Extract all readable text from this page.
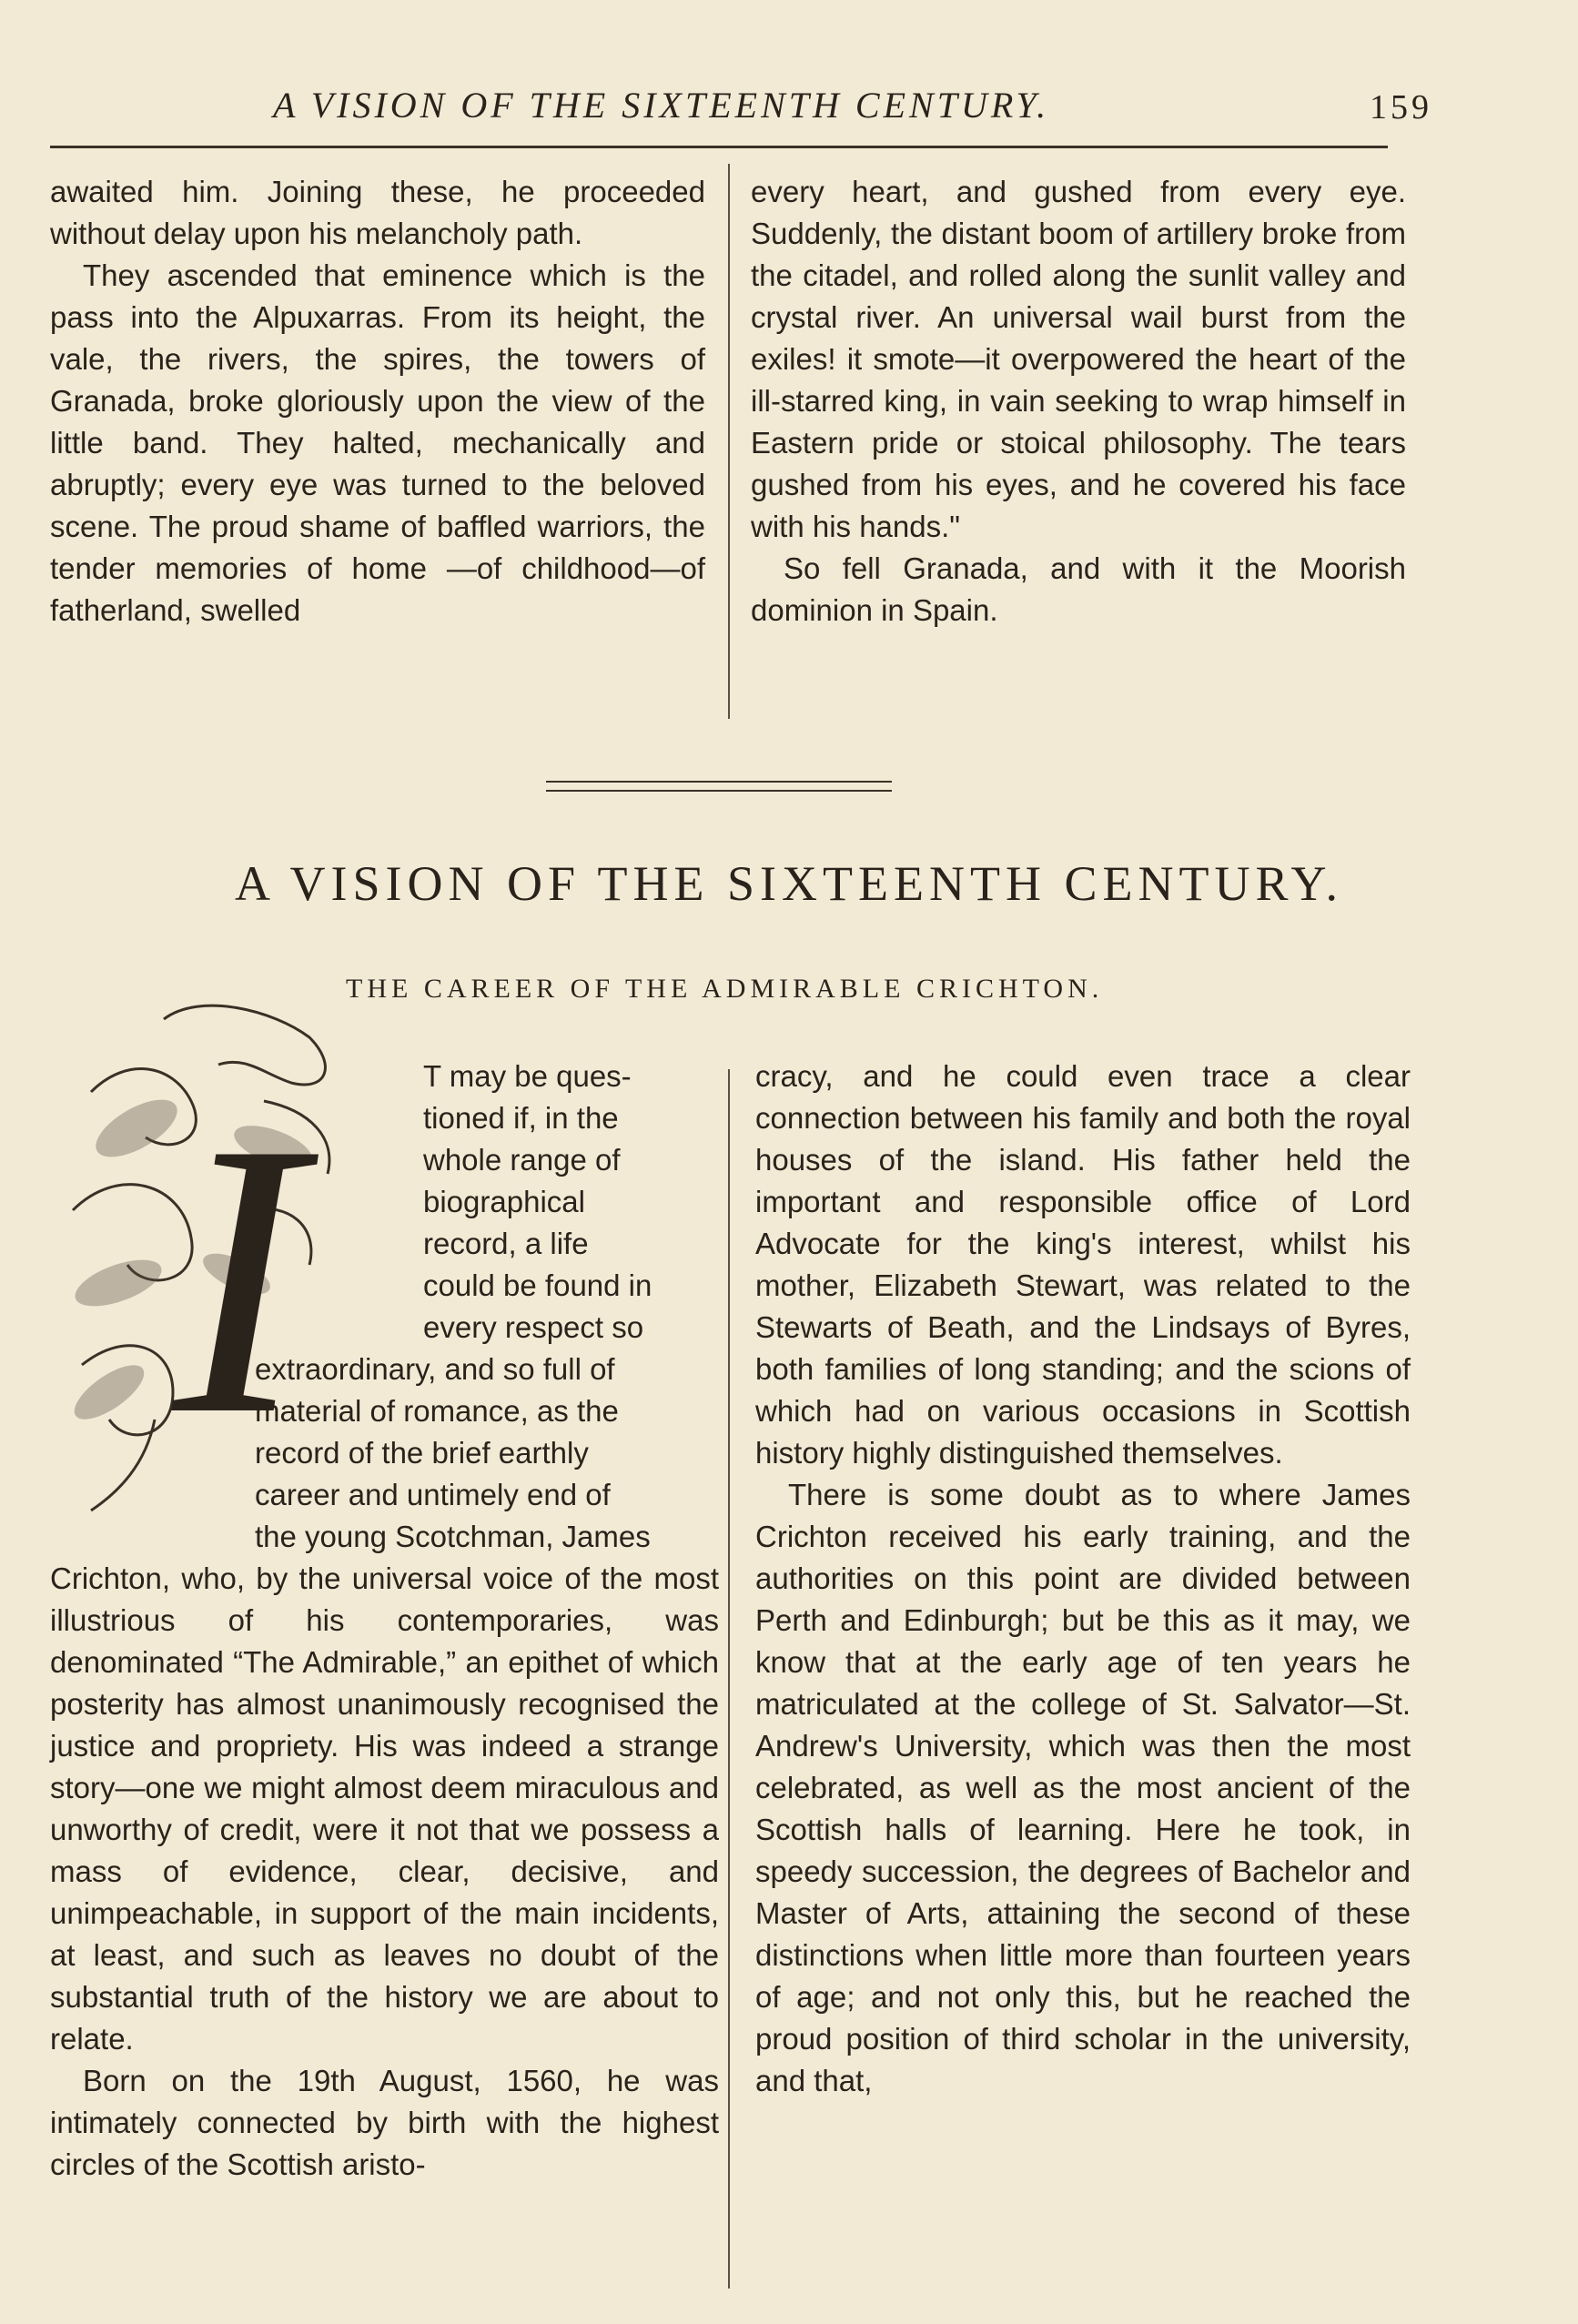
A VISION OF THE SIXTEENTH CENTURY.	159

awaited him. Joining these, he proceeded without delay upon his melancholy path.

They ascended that eminence which is the pass into the Alpuxarras. From its height, the vale, the rivers, the spires, the towers of Granada, broke gloriously upon the view of the little band. They halted, mechanically and abruptly; every eye was turned to the beloved scene. The proud shame of baffled warriors, the tender memories of home —of childhood—of fatherland, swelled

every heart, and gushed from every eye. Suddenly, the distant boom of artillery broke from the citadel, and rolled along the sunlit valley and crystal river. An universal wail burst from the exiles! it smote—it overpowered the heart of the ill-starred king, in vain seeking to wrap himself in Eastern pride or stoical philosophy. The tears gushed from his eyes, and he covered his face with his hands."

So fell Granada, and with it the Moorish dominion in Spain.

A VISION OF THE SIXTEENTH CENTURY.
THE CAREER OF THE ADMIRABLE CRICHTON.
I	T may be ques-
tioned if, in the
whole range of
biographical
record, a life
could be found in
every respect so
extraordinary, and so full of
material of romance, as the
record of the brief earthly
career and untimely end of
the young Scotchman, James
Crichton, who, by the universal voice of the most illustrious of his contemporaries, was denominated “The Admirable,” an epithet of which posterity has almost unanimously recognised the justice and propriety. His was indeed a strange story—one we might almost deem miraculous and unworthy of credit, were it not that we possess a mass of evidence, clear, decisive, and unimpeachable, in support of the main incidents, at least, and such as leaves no doubt of the substantial truth of the history we are about to relate.

Born on the 19th August, 1560, he was intimately connected by birth with the highest circles of the Scottish aristo-

cracy, and he could even trace a clear connection between his family and both the royal houses of the island. His father held the important and responsible office of Lord Advocate for the king's interest, whilst his mother, Elizabeth Stewart, was related to the Stewarts of Beath, and the Lindsays of Byres, both families of long standing; and the scions of which had on various occasions in Scottish history highly distinguished themselves.

There is some doubt as to where James Crichton received his early training, and the authorities on this point are divided between Perth and Edinburgh; but be this as it may, we know that at the early age of ten years he matriculated at the college of St. Salvator—St. Andrew's University, which was then the most celebrated, as well as the most ancient of the Scottish halls of learning. Here he took, in speedy succession, the degrees of Bachelor and Master of Arts, attaining the second of these distinctions when little more than fourteen years of age; and not only this, but he reached the proud position of third scholar in the university, and that,
